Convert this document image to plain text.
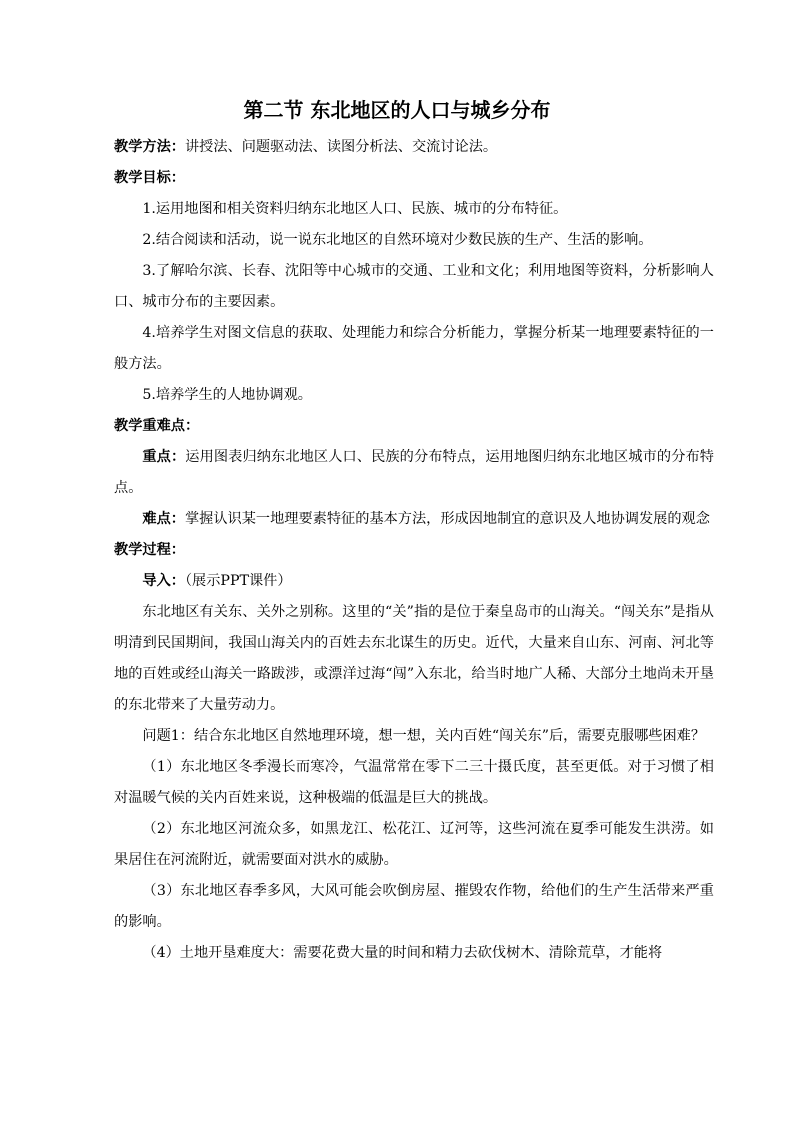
第二节 东北地区的人口与城乡分布

教学方法：讲授法、问题驱动法、读图分析法、交流讨论法。

教学目标：

1.运用地图和相关资料归纳东北地区人口、民族、城市的分布特征。

2.结合阅读和活动，说一说东北地区的自然环境对少数民族的生产、生活的影响。

3.了解哈尔滨、长春、沈阳等中心城市的交通、工业和文化；利用地图等资料，分析影响人口、城市分布的主要因素。

4.培养学生对图文信息的获取、处理能力和综合分析能力，掌握分析某一地理要素特征的一般方法。

5.培养学生的人地协调观。

教学重难点：

重点：运用图表归纳东北地区人口、民族的分布特点，运用地图归纳东北地区城市的分布特点。

难点：掌握认识某一地理要素特征的基本方法，形成因地制宜的意识及人地协调发展的观念

教学过程：

导入：（展示PPT课件）

东北地区有关东、关外之别称。这里的“关”指的是位于秦皇岛市的山海关。“闯关东”是指从明清到民国期间，我国山海关内的百姓去东北谋生的历史。近代，大量来自山东、河南、河北等地的百姓或经山海关一路跋涉，或漂洋过海“闯”入东北，给当时地广人稀、大部分土地尚未开垦的东北带来了大量劳动力。

问题1：结合东北地区自然地理环境，想一想，关内百姓“闯关东”后，需要克服哪些困难？

（1）东北地区冬季漫长而寒冷，气温常常在零下二三十摄氏度，甚至更低。对于习惯了相对温暖气候的关内百姓来说，这种极端的低温是巨大的挑战。

（2）东北地区河流众多，如黑龙江、松花江、辽河等，这些河流在夏季可能发生洪涝。如果居住在河流附近，就需要面对洪水的威胁。

（3）东北地区春季多风，大风可能会吹倒房屋、摧毁农作物，给他们的生产生活带来严重的影响。

（4）土地开垦难度大：需要花费大量的时间和精力去砍伐树木、清除荒草，才能将
